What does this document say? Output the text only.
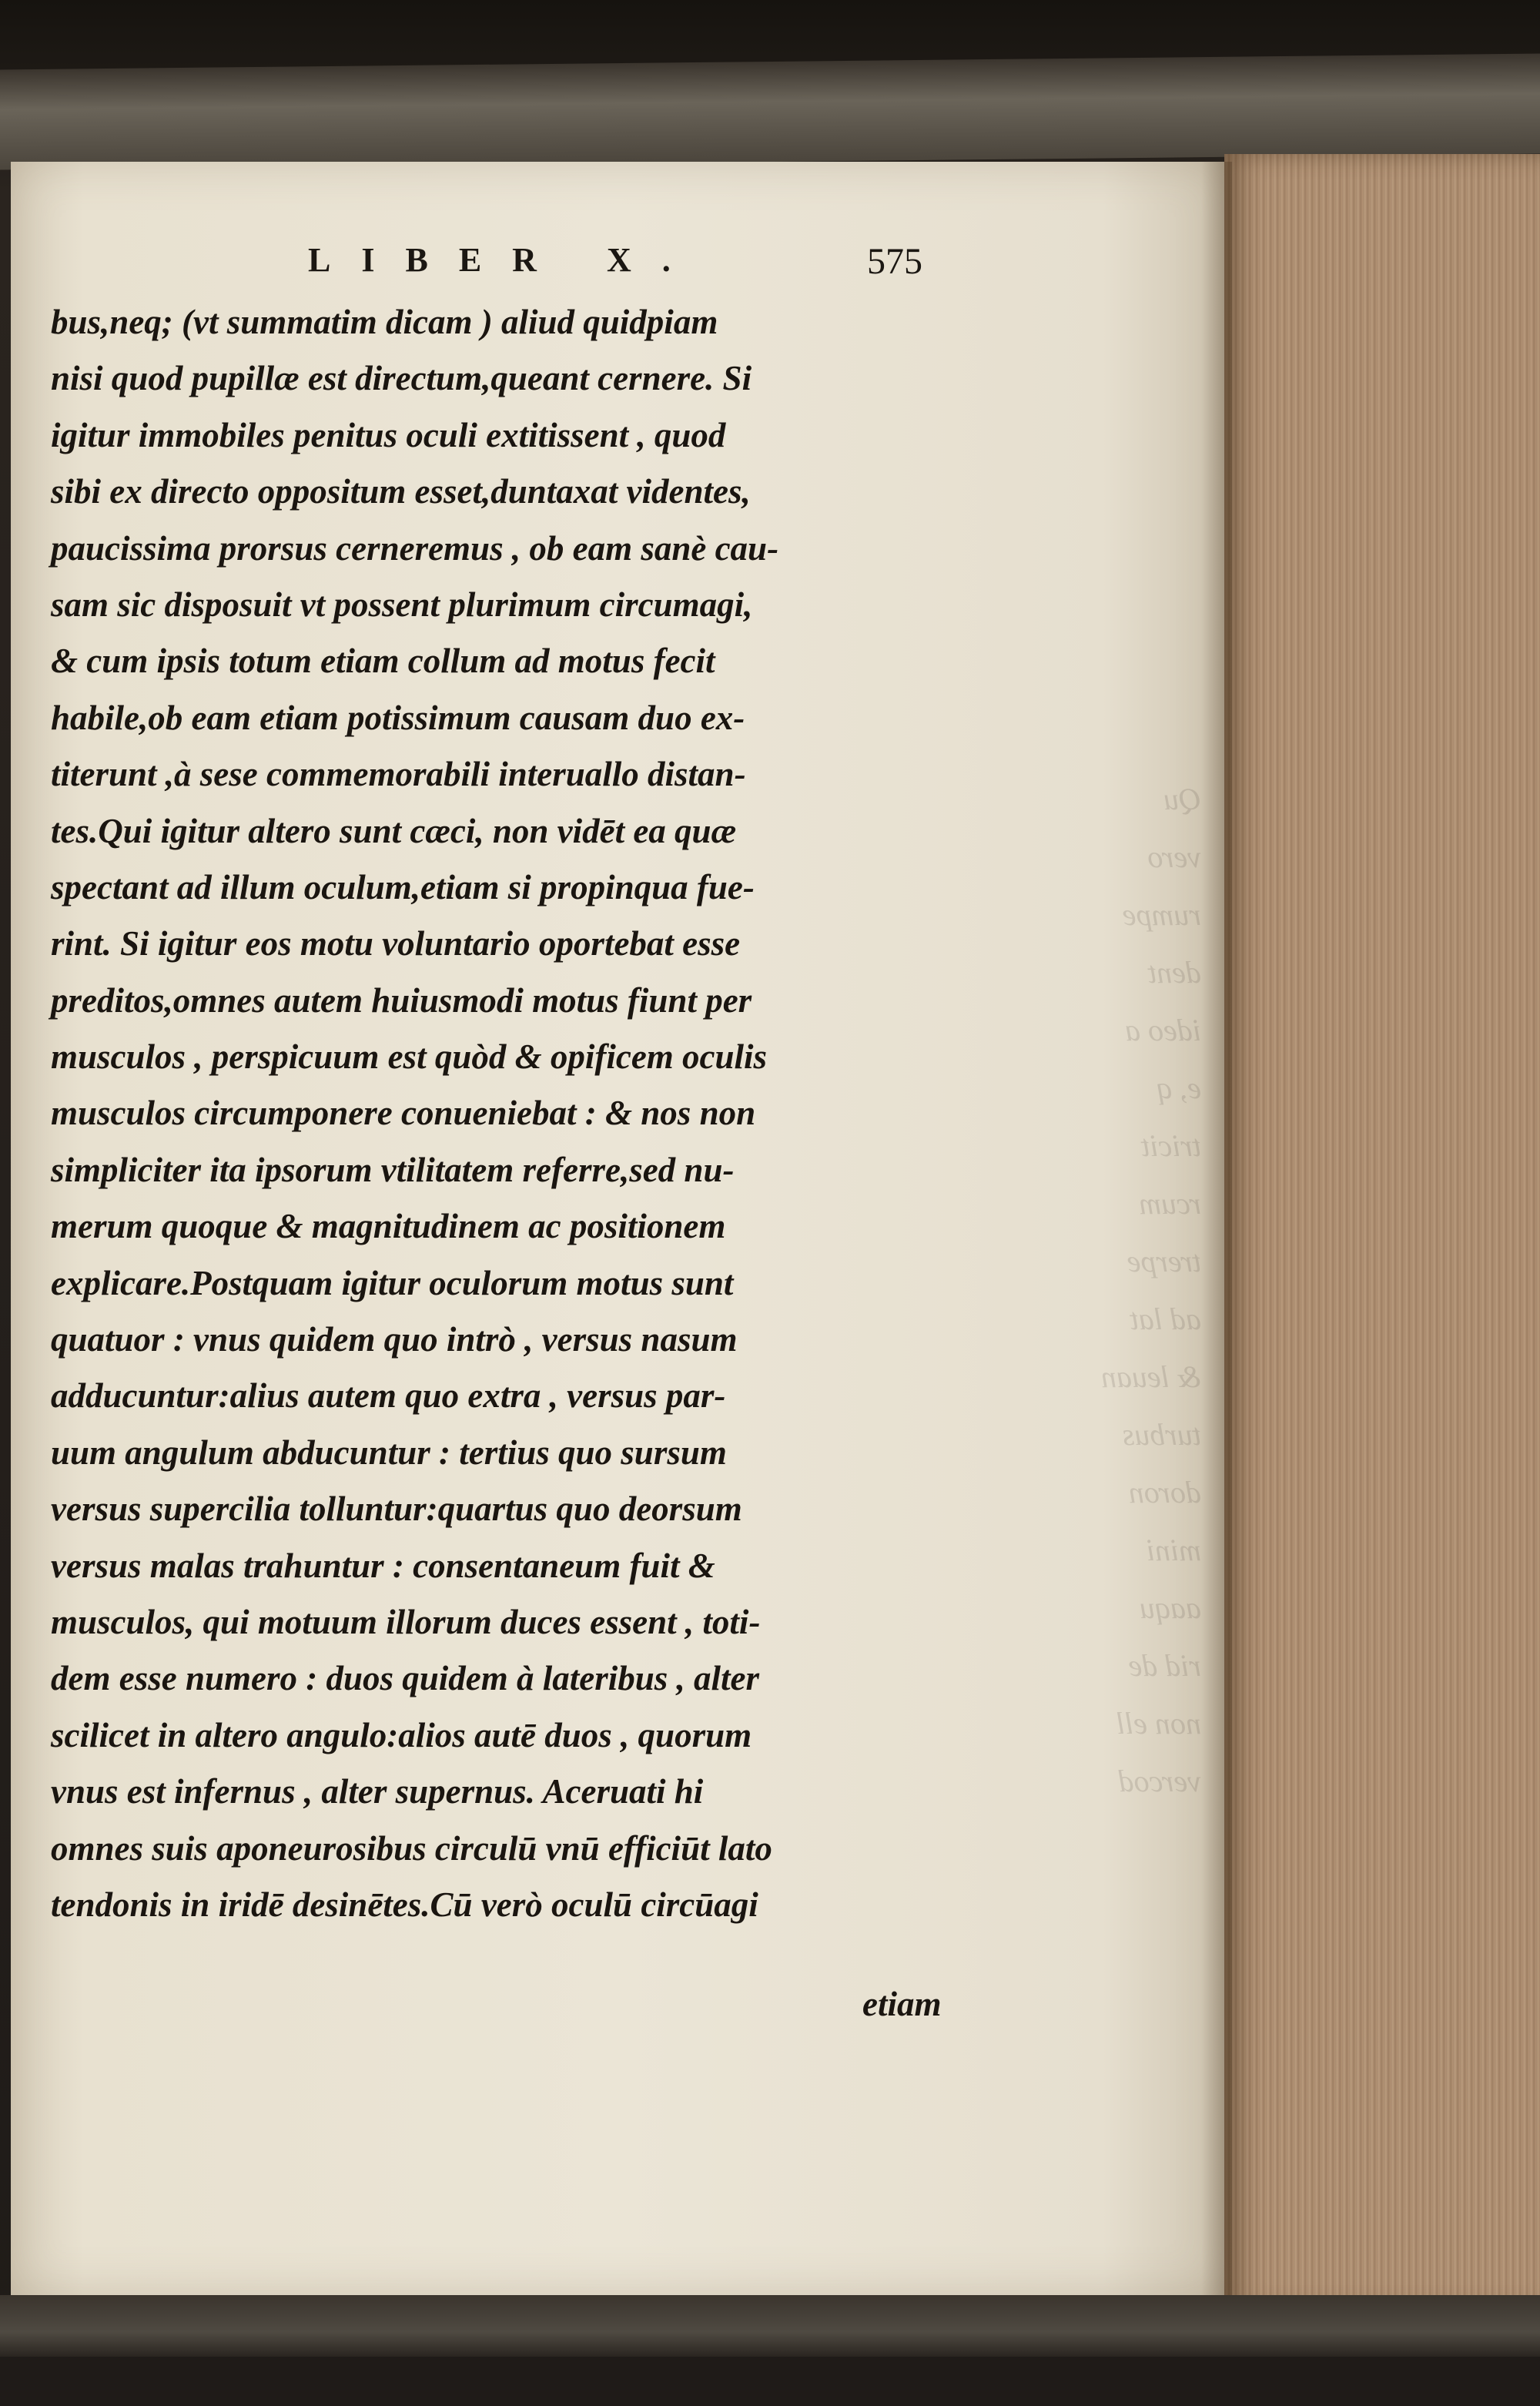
Qu
vero
rumpe
dent
ideo a
e, q
tricit
rcum
trerpe
ad lat
& leuan
turbus
doron
mini
aaqu
rid de
non ell
vercod
LIBER X.	575
bus,neq; (vt summatim dicam ) aliud quidpiam
nisi quod pupillæ est directum,queant cernere. Si
igitur immobiles penitus oculi extitissent , quod
sibi ex directo oppositum esset,duntaxat videntes,
paucissima prorsus cerneremus , ob eam sanè cau-
sam sic disposuit vt possent plurimum circumagi,
& cum ipsis totum etiam collum ad motus fecit
habile,ob eam etiam potissimum causam duo ex-
titerunt ,à sese commemorabili interuallo distan-
tes.Qui igitur altero sunt cæci, non vidēt ea quæ
spectant ad illum oculum,etiam si propinqua fue-
rint. Si igitur eos motu voluntario oportebat esse
preditos,omnes autem huiusmodi motus fiunt per
musculos , perspicuum est quòd & opificem oculis
musculos circumponere conueniebat : & nos non
simpliciter ita ipsorum vtilitatem referre,sed nu-
merum quoque & magnitudinem ac positionem
explicare.Postquam igitur oculorum motus sunt
quatuor : vnus quidem quo intrò , versus nasum
adducuntur:alius autem quo extra , versus par-
uum angulum abducuntur : tertius quo sursum
versus supercilia tolluntur:quartus quo deorsum
versus malas trahuntur : consentaneum fuit &
musculos, qui motuum illorum duces essent , toti-
dem esse numero : duos quidem à lateribus , alter
scilicet in altero angulo:alios autē duos , quorum
vnus est infernus , alter supernus. Aceruati hi
omnes suis aponeurosibus circulū vnū efficiūt lato
tendonis in iridē desinētes.Cū verò oculū circūagi
etiam
